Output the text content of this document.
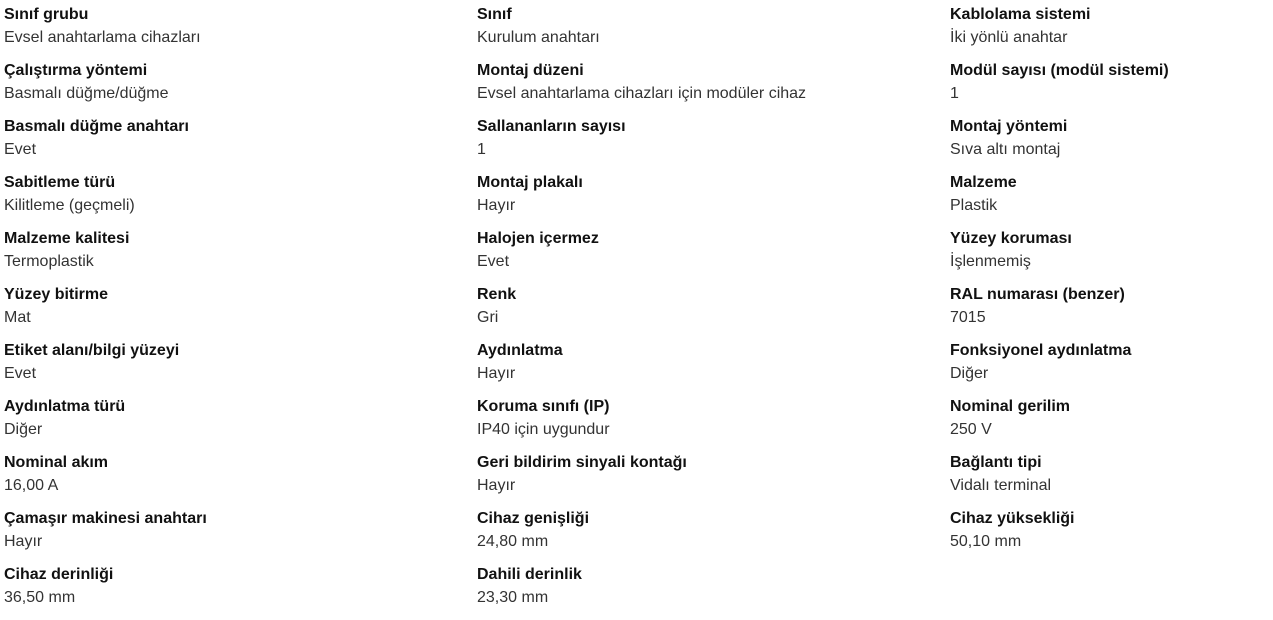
Sınıf grubu
Evsel anahtarlama cihazları
Sınıf
Kurulum anahtarı
Kablolama sistemi
İki yönlü anahtar
Çalıştırma yöntemi
Basmalı düğme/düğme
Montaj düzeni
Evsel anahtarlama cihazları için modüler cihaz
Modül sayısı (modül sistemi)
1
Basmalı düğme anahtarı
Evet
Sallananların sayısı
1
Montaj yöntemi
Sıva altı montaj
Sabitleme türü
Kilitleme (geçmeli)
Montaj plakalı
Hayır
Malzeme
Plastik
Malzeme kalitesi
Termoplastik
Halojen içermez
Evet
Yüzey koruması
İşlenmemiş
Yüzey bitirme
Mat
Renk
Gri
RAL numarası (benzer)
7015
Etiket alanı/bilgi yüzeyi
Evet
Aydınlatma
Hayır
Fonksiyonel aydınlatma
Diğer
Aydınlatma türü
Diğer
Koruma sınıfı (IP)
IP40 için uygundur
Nominal gerilim
250 V
Nominal akım
16,00 A
Geri bildirim sinyali kontağı
Hayır
Bağlantı tipi
Vidalı terminal
Çamaşır makinesi anahtarı
Hayır
Cihaz genişliği
24,80 mm
Cihaz yüksekliği
50,10 mm
Cihaz derinliği
36,50 mm
Dahili derinlik
23,30 mm
